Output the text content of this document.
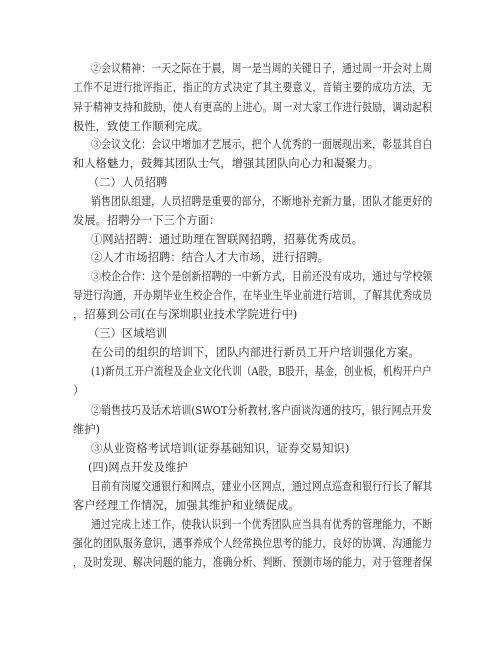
②会议精神：一天之际在于晨，周一是当周的关键日子，通过周一开会对上周
工作不足进行批评指正，指正的方式决定了其主要意义，音销主要的成功方法，无
异于精神支持和鼓励，使人有更高的上进心。周一对大家工作进行鼓励，调动起积
极性，致使工作顺利完成。
③会议文化：会议中增加才艺展示，把个人优秀的一面展现出来，彰显其自白
和人格魅力，鼓舞其团队士气，增强其团队向心力和凝聚力。
（二）人员招聘
销售团队组建，人员招聘是重要的部分，不断地补充新力量，团队才能更好的
发展。招聘分一下三个方面：
①网站招聘：通过助理在智联网招聘，招募优秀成员。
②人才市场招聘：结合人才大市场，进行招聘。
③校企合作：这个是创新招聘的一中新方式，目前还没有成功，通过与学校领
导进行沟通，开办期毕业生校企合作，在毕业生毕业前进行培训，了解其优秀成员
，招募到公司(在与深圳职业技术学院进行中)
（三）区域培训
在公司的组织的培训下，团队内部进行新员工开户培训强化方案。
(1)新员工开户流程及企业文化代训（A股，B股开，基金，创业板，机构开户户
）
②销售技巧及话术培训(SWOT分析教材,客户面谈沟通的技巧，银行网点开发
维护)
③从业资格考试培训(证券基础知识，证券交易知识)
(四)网点开发及维护
目前有岗厦交通银行和网点，建业小区网点，通过网点巡查和银行行长了解其
客户经理工作情况，加强其维护和业绩促成。
通过完成上述工作，使我认识到一个优秀团队应当具有优秀的管理能力，不断
强化的团队服务意识，遇事养成个人经常换位思考的能力，良好的协调、沟通能力
，及时发现、解决问题的能力，准确分析、判断、预测市场的能力，对于管理者保
